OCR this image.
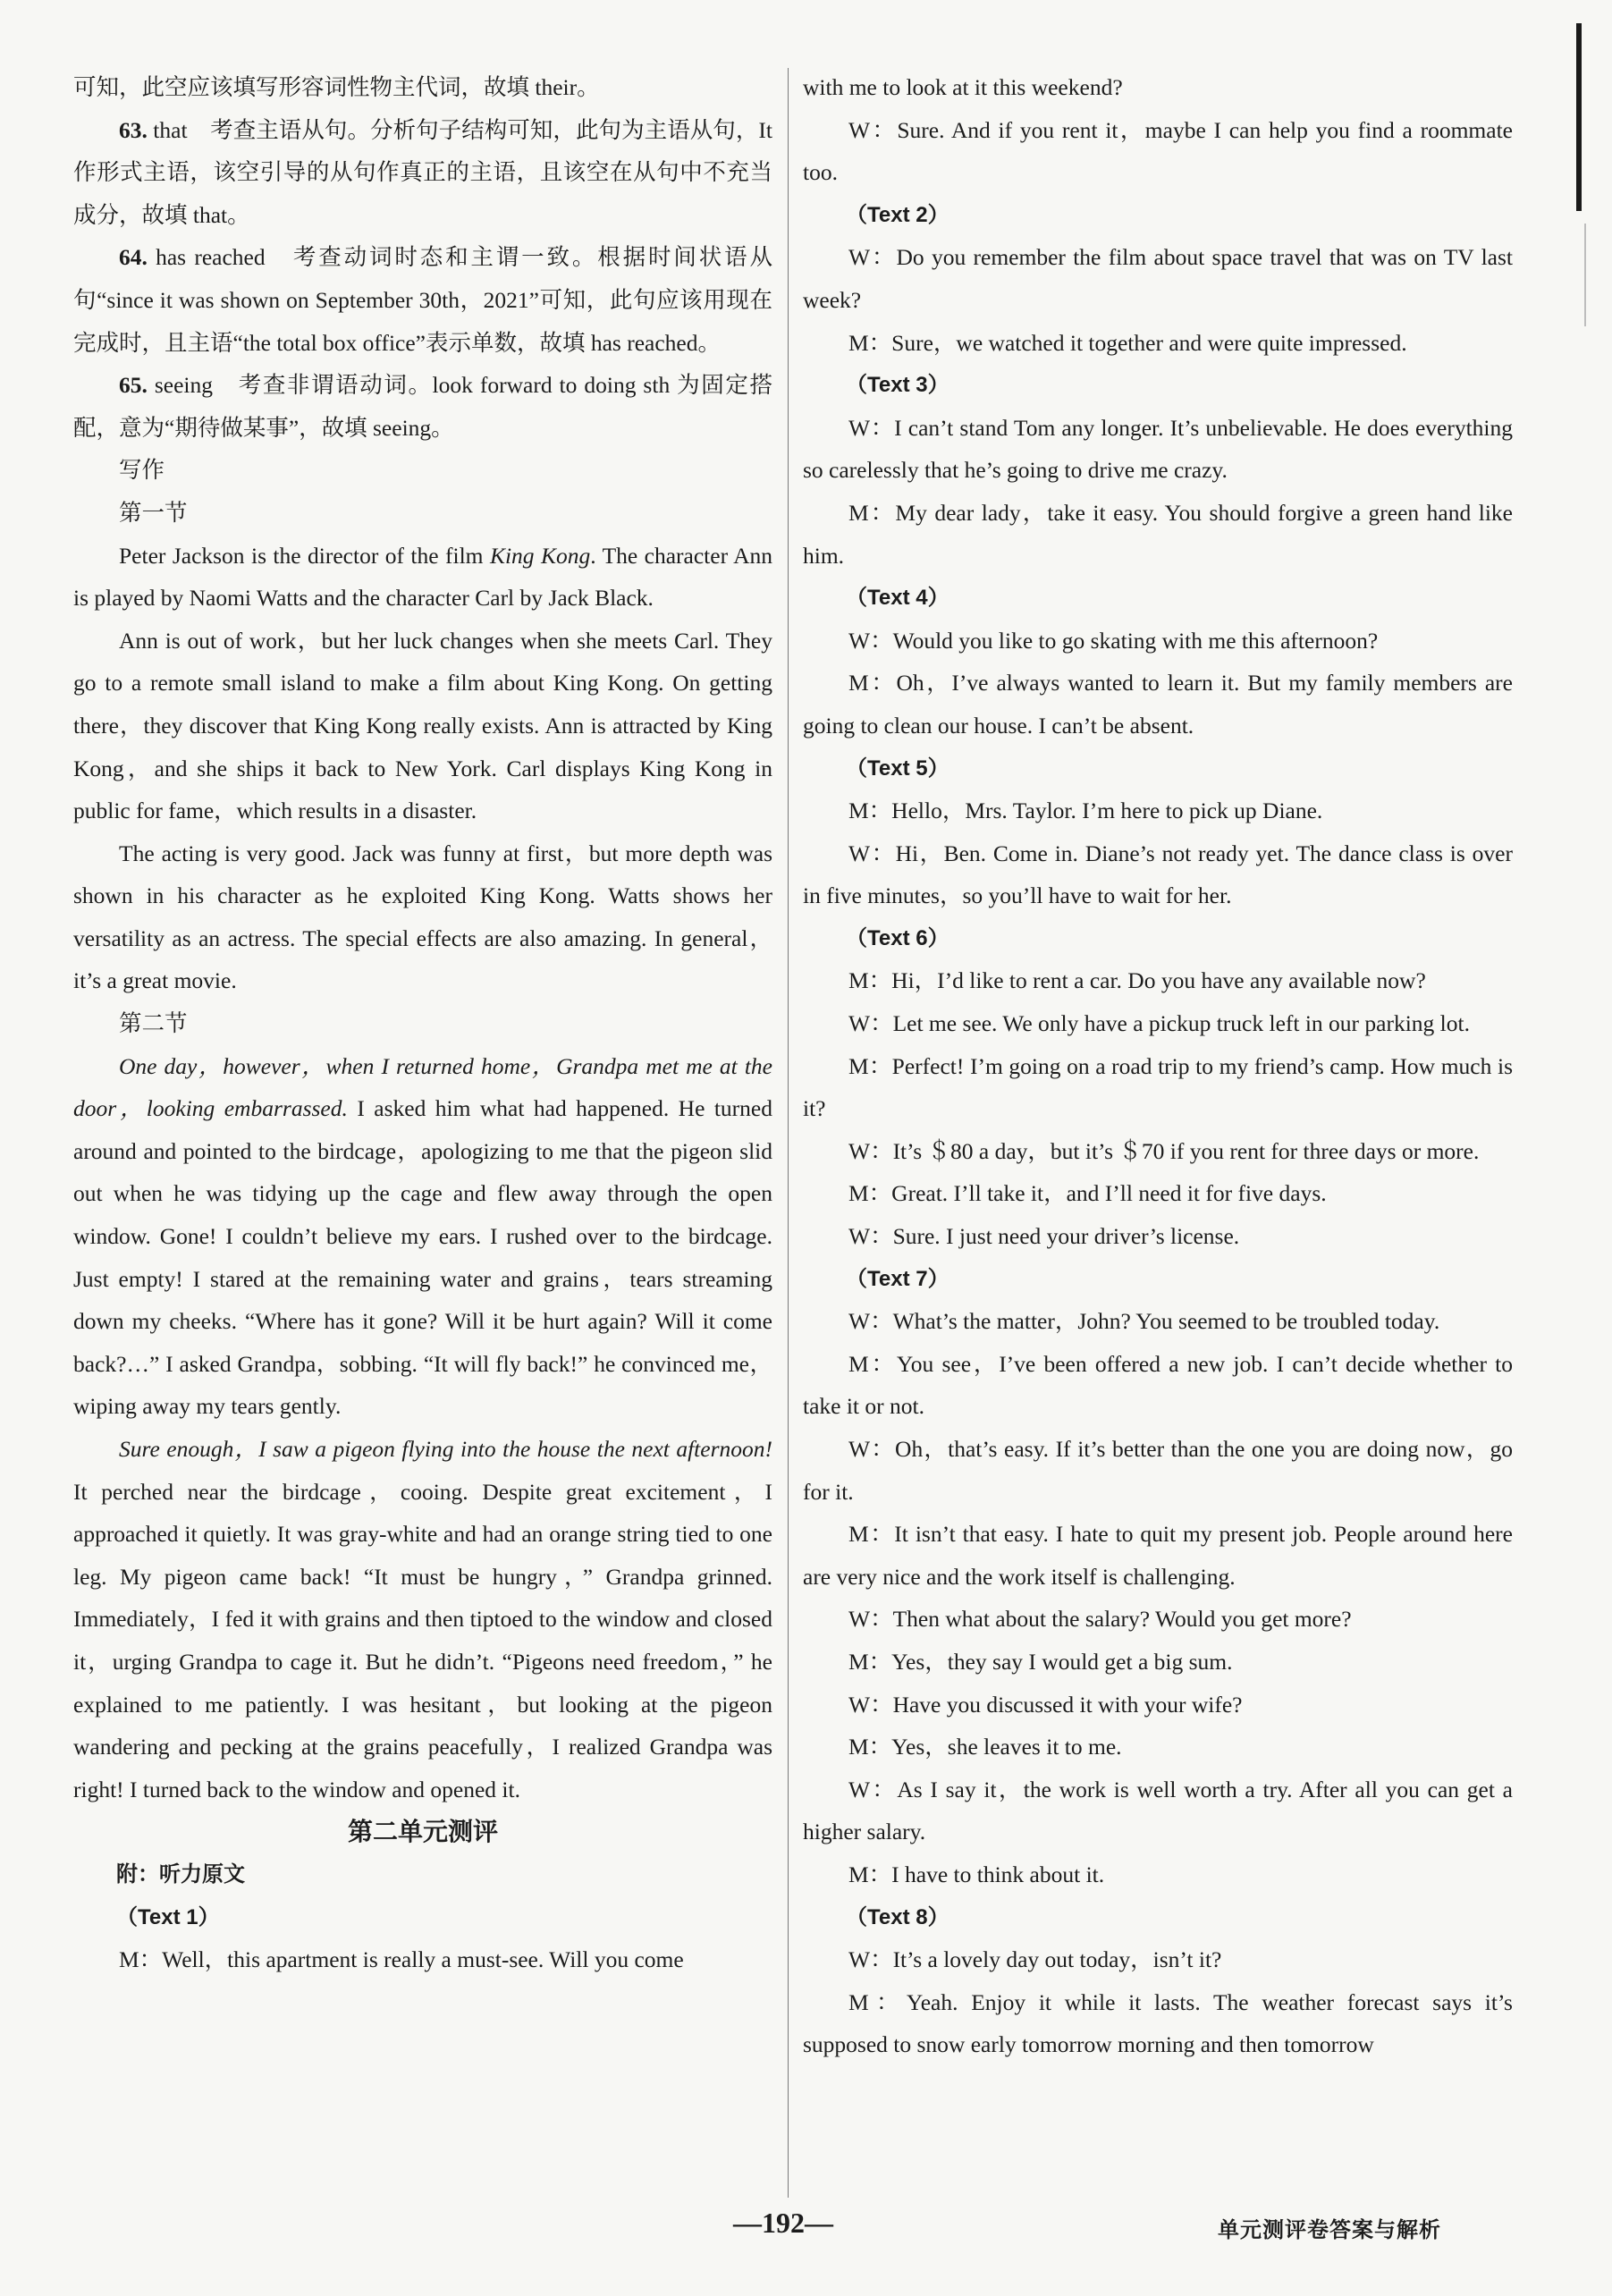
可知，此空应该填写形容词性物主代词，故填 their。

63. that　考查主语从句。分析句子结构可知，此句为主语从句，It 作形式主语，该空引导的从句作真正的主语，且该空在从句中不充当成分，故填 that。

64. has reached　考查动词时态和主谓一致。根据时间状语从句“since it was shown on September 30th，2021”可知，此句应该用现在完成时，且主语“the total box office”表示单数，故填 has reached。

65. seeing　考查非谓语动词。look forward to doing sth 为固定搭配，意为“期待做某事”，故填 seeing。

写作

第一节

Peter Jackson is the director of the film King Kong. The character Ann is played by Naomi Watts and the character Carl by Jack Black.

Ann is out of work，but her luck changes when she meets Carl. They go to a remote small island to make a film about King Kong. On getting there，they discover that King Kong really exists. Ann is attracted by King Kong，and she ships it back to New York. Carl displays King Kong in public for fame，which results in a disaster.

The acting is very good. Jack was funny at first，but more depth was shown in his character as he exploited King Kong. Watts shows her versatility as an actress. The special effects are also amazing. In general，it’s a great movie.

第二节

One day，however，when I returned home，Grandpa met me at the door，looking embarrassed. I asked him what had happened. He turned around and pointed to the birdcage，apologizing to me that the pigeon slid out when he was tidying up the cage and flew away through the open window. Gone! I couldn’t believe my ears. I rushed over to the birdcage. Just empty! I stared at the remaining water and grains，tears streaming down my cheeks. “Where has it gone? Will it be hurt again? Will it come back?…” I asked Grandpa，sobbing. “It will fly back!” he convinced me，wiping away my tears gently.

Sure enough，I saw a pigeon flying into the house the next afternoon! It perched near the birdcage，cooing. Despite great excitement，I approached it quietly. It was gray-white and had an orange string tied to one leg. My pigeon came back! “It must be hungry，” Grandpa grinned. Immediately，I fed it with grains and then tiptoed to the window and closed it，urging Grandpa to cage it. But he didn’t. “Pigeons need freedom，” he explained to me patiently. I was hesitant，but looking at the pigeon wandering and pecking at the grains peacefully，I realized Grandpa was right! I turned back to the window and opened it.

第二单元测评

附：听力原文

（Text 1）

M：Well，this apartment is really a must-see. Will you come

with me to look at it this weekend?

W：Sure. And if you rent it，maybe I can help you find a roommate too.

（Text 2）

W：Do you remember the film about space travel that was on TV last week?

M：Sure，we watched it together and were quite impressed.

（Text 3）

W：I can’t stand Tom any longer. It’s unbelievable. He does everything so carelessly that he’s going to drive me crazy.

M：My dear lady，take it easy. You should forgive a green hand like him.

（Text 4）

W：Would you like to go skating with me this afternoon?

M：Oh，I’ve always wanted to learn it. But my family members are going to clean our house. I can’t be absent.

（Text 5）

M：Hello，Mrs. Taylor. I’m here to pick up Diane.

W：Hi，Ben. Come in. Diane’s not ready yet. The dance class is over in five minutes，so you’ll have to wait for her.

（Text 6）

M：Hi，I’d like to rent a car. Do you have any available now?

W：Let me see. We only have a pickup truck left in our parking lot.

M：Perfect! I’m going on a road trip to my friend’s camp. How much is it?

W：It’s ＄80 a day，but it’s ＄70 if you rent for three days or more.

M：Great. I’ll take it，and I’ll need it for five days.

W：Sure. I just need your driver’s license.

（Text 7）

W：What’s the matter，John? You seemed to be troubled today.

M：You see，I’ve been offered a new job. I can’t decide whether to take it or not.

W：Oh，that’s easy. If it’s better than the one you are doing now，go for it.

M：It isn’t that easy. I hate to quit my present job. People around here are very nice and the work itself is challenging.

W：Then what about the salary? Would you get more?

M：Yes，they say I would get a big sum.

W：Have you discussed it with your wife?

M：Yes，she leaves it to me.

W：As I say it，the work is well worth a try. After all you can get a higher salary.

M：I have to think about it.

（Text 8）

W：It’s a lovely day out today，isn’t it?

M：Yeah. Enjoy it while it lasts. The weather forecast says it’s supposed to snow early tomorrow morning and then tomorrow

—192—	单元测评卷答案与解析
